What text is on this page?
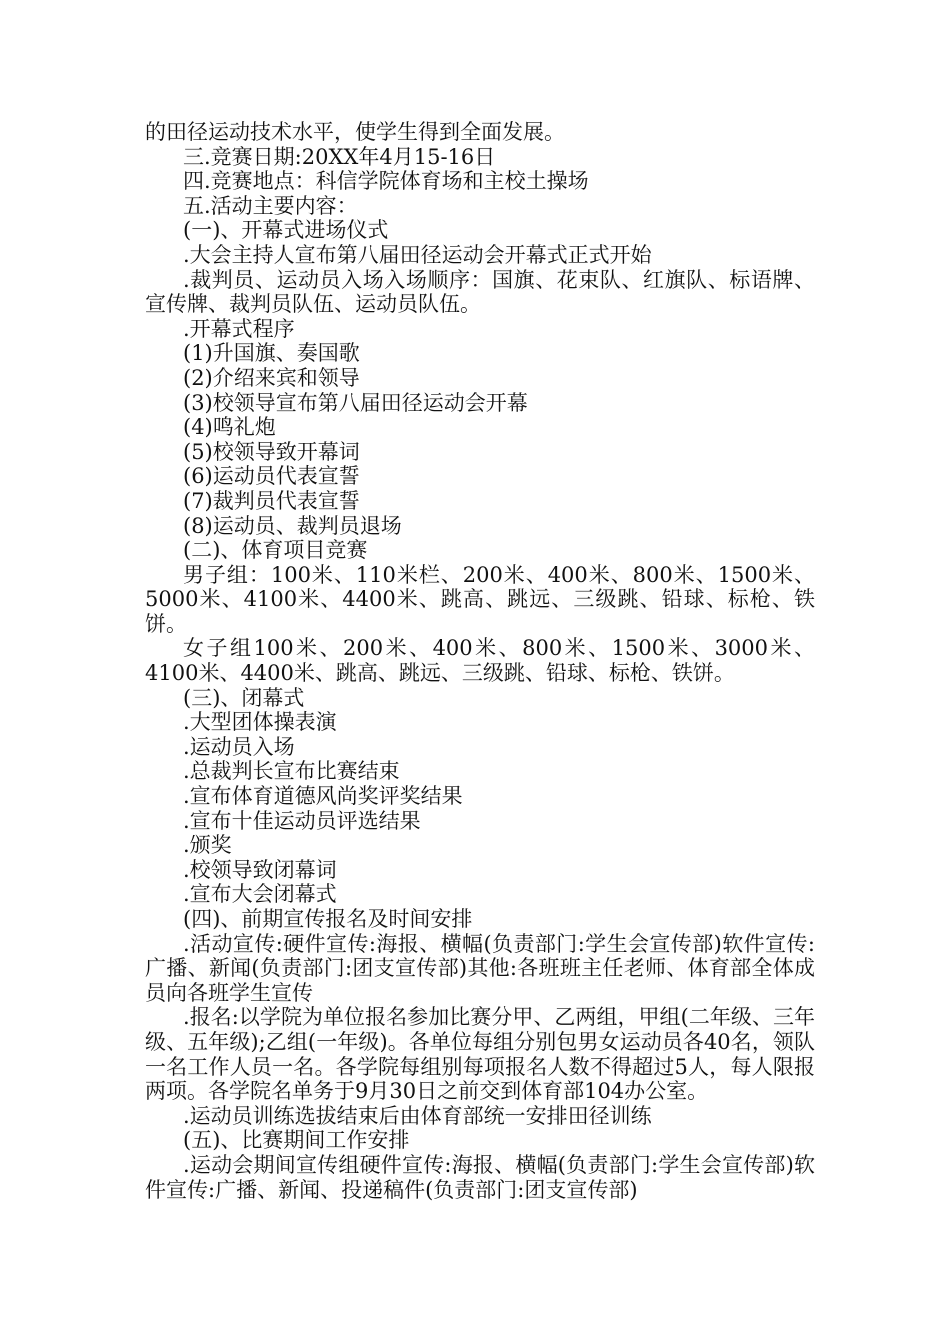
的田径运动技术水平，使学生得到全面发展。

三.竞赛日期:20XX年4月15-16日

四.竞赛地点：科信学院体育场和主校土操场

五.活动主要内容：

(一)、开幕式进场仪式

.大会主持人宣布第八届田径运动会开幕式正式开始

.裁判员、运动员入场入场顺序：国旗、花束队、红旗队、标语牌、宣传牌、裁判员队伍、运动员队伍。

.开幕式程序

(1)升国旗、奏国歌

(2)介绍来宾和领导

(3)校领导宣布第八届田径运动会开幕

(4)鸣礼炮

(5)校领导致开幕词

(6)运动员代表宣誓

(7)裁判员代表宣誓

(8)运动员、裁判员退场

(二)、体育项目竞赛

男子组：100米、110米栏、200米、400米、800米、1500米、5000米、4100米、4400米、跳高、跳远、三级跳、铅球、标枪、铁饼。

女子组100米、200米、400米、800米、1500米、3000米、4100米、4400米、跳高、跳远、三级跳、铅球、标枪、铁饼。

(三)、闭幕式

.大型团体操表演

.运动员入场

.总裁判长宣布比赛结束

.宣布体育道德风尚奖评奖结果

.宣布十佳运动员评选结果

.颁奖

.校领导致闭幕词

.宣布大会闭幕式

(四)、前期宣传报名及时间安排

.活动宣传:硬件宣传:海报、横幅(负责部门:学生会宣传部)软件宣传:广播、新闻(负责部门:团支宣传部)其他:各班班主任老师、体育部全体成员向各班学生宣传

.报名:以学院为单位报名参加比赛分甲、乙两组，甲组(二年级、三年级、五年级);乙组(一年级)。各单位每组分别包男女运动员各40名，领队一名工作人员一名。各学院每组别每项报名人数不得超过5人，每人限报两项。各学院名单务于9月30日之前交到体育部104办公室。

.运动员训练选拔结束后由体育部统一安排田径训练

(五)、比赛期间工作安排

.运动会期间宣传组硬件宣传:海报、横幅(负责部门:学生会宣传部)软件宣传:广播、新闻、投递稿件(负责部门:团支宣传部)
